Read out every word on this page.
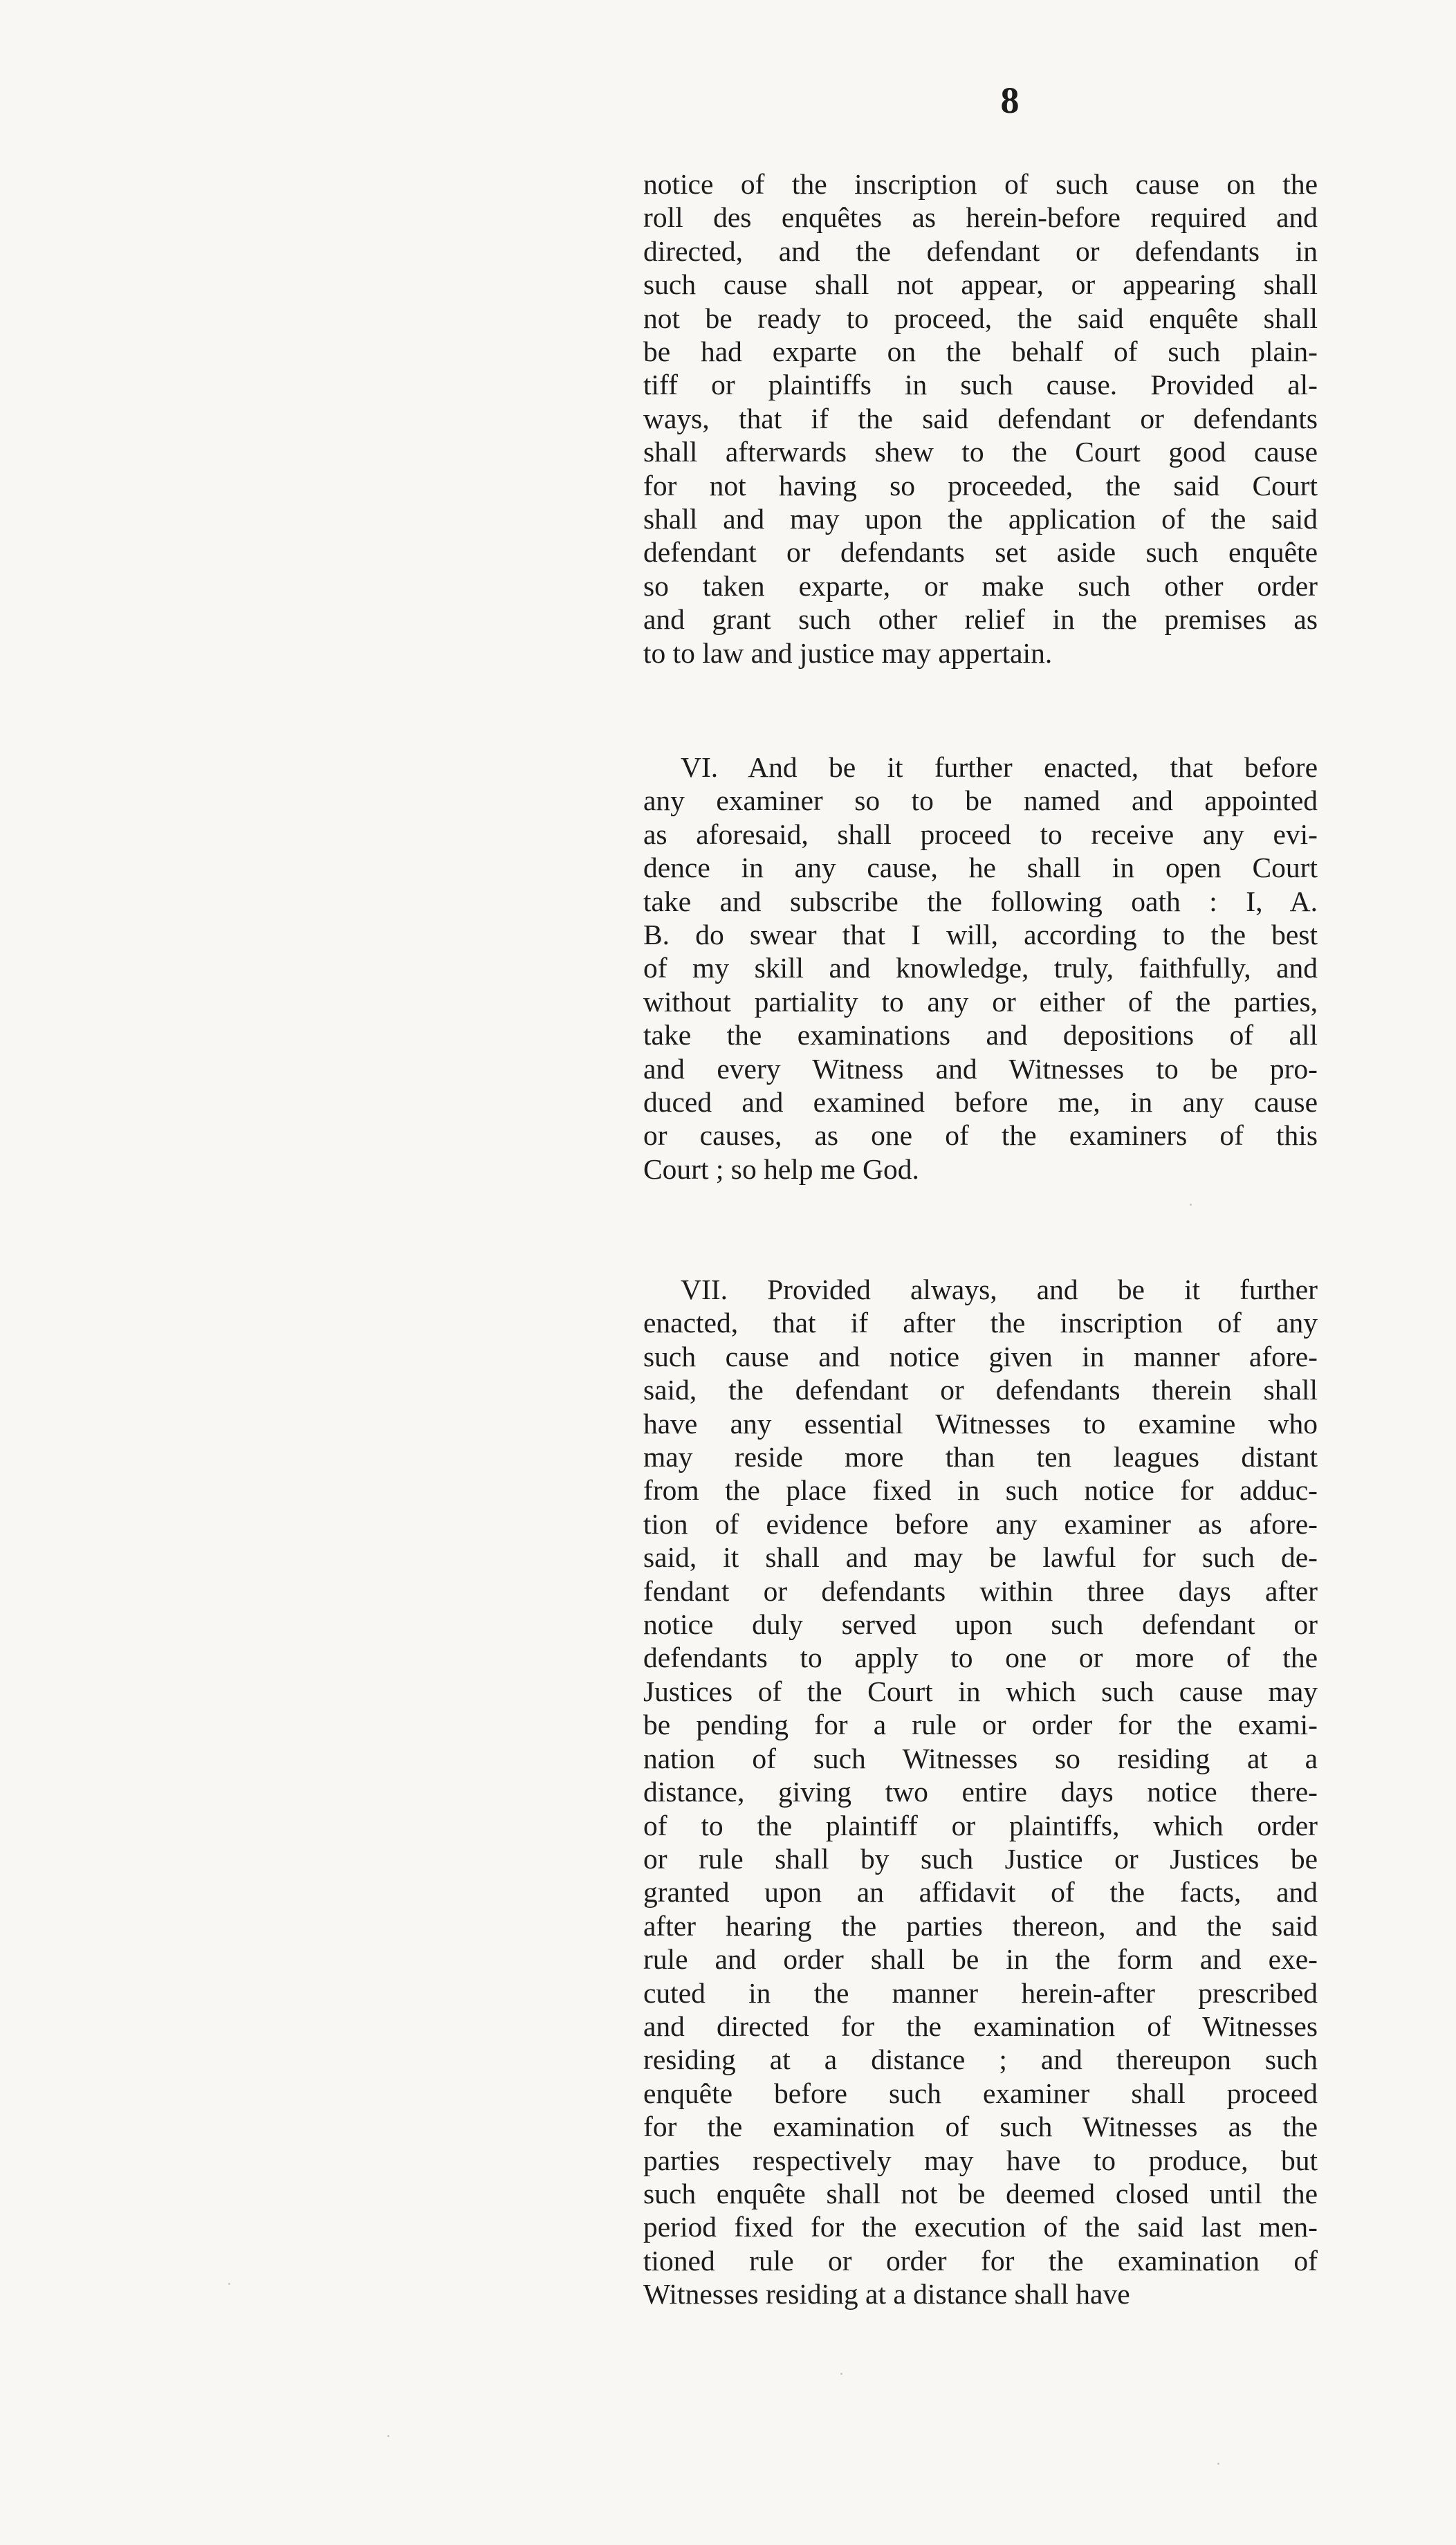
8
notice of the inscription of such cause on the
roll des enquêtes as herein-before required and
directed, and the defendant or defendants in
such cause shall not appear, or appearing shall
not be ready to proceed, the said enquête shall
be had exparte on the behalf of such plain-
tiff or plaintiffs in such cause. Provided al-
ways, that if the said defendant or defendants
shall afterwards shew to the Court good cause
for not having so proceeded, the said Court
shall and may upon the application of the said
defendant or defendants set aside such enquête
so taken exparte, or make such other order
and grant such other relief in the premises as
to to law and justice may appertain.
VI. And be it further enacted, that before
any examiner so to be named and appointed
as aforesaid, shall proceed to receive any evi-
dence in any cause, he shall in open Court
take and subscribe the following oath : I, A.
B. do swear that I will, according to the best
of my skill and knowledge, truly, faithfully, and
without partiality to any or either of the parties,
take the examinations and depositions of all
and every Witness and Witnesses to be pro-
duced and examined before me, in any cause
or causes, as one of the examiners of this
Court ; so help me God.
VII. Provided always, and be it further
enacted, that if after the inscription of any
such cause and notice given in manner afore-
said, the defendant or defendants therein shall
have any essential Witnesses to examine who
may reside more than ten leagues distant
from the place fixed in such notice for adduc-
tion of evidence before any examiner as afore-
said, it shall and may be lawful for such de-
fendant or defendants within three days after
notice duly served upon such defendant or
defendants to apply to one or more of the
Justices of the Court in which such cause may
be pending for a rule or order for the exami-
nation of such Witnesses so residing at a
distance, giving two entire days notice there-
of to the plaintiff or plaintiffs, which order
or rule shall by such Justice or Justices be
granted upon an affidavit of the facts, and
after hearing the parties thereon, and the said
rule and order shall be in the form and exe-
cuted in the manner herein-after prescribed
and directed for the examination of Witnesses
residing at a distance ; and thereupon such
enquête before such examiner shall proceed
for the examination of such Witnesses as the
parties respectively may have to produce, but
such enquête shall not be deemed closed until the
period fixed for the execution of the said last men-
tioned rule or order for the examination of
Witnesses residing at a distance shall have
